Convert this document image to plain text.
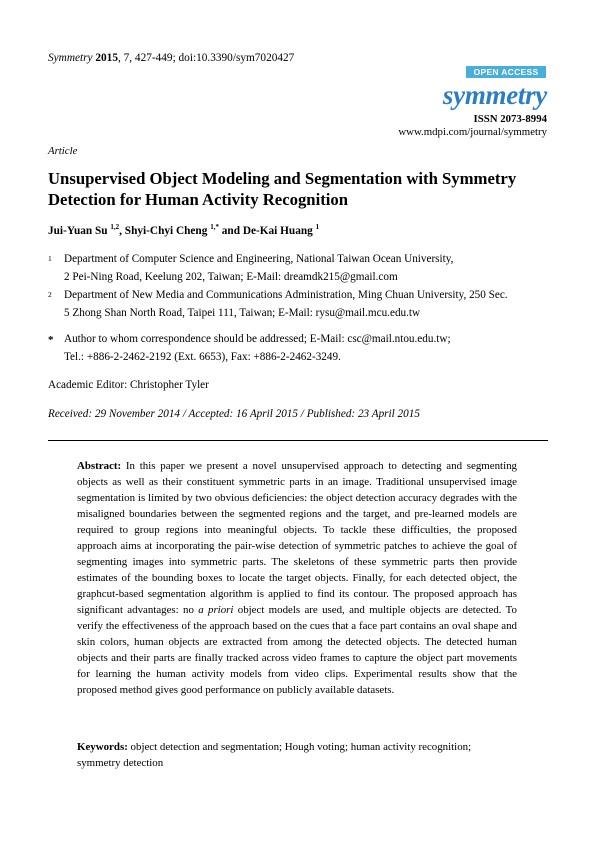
Symmetry 2015, 7, 427-449; doi:10.3390/sym7020427
OPEN ACCESS
symmetry
ISSN 2073-8994
www.mdpi.com/journal/symmetry
Article
Unsupervised Object Modeling and Segmentation with Symmetry Detection for Human Activity Recognition
Jui-Yuan Su $^{1,2}$, Shyi-Chyi Cheng $^{1,*}$ and De-Kai Huang $^1$
1 Department of Computer Science and Engineering, National Taiwan Ocean University,
2 Pei-Ning Road, Keelung 202, Taiwan; E-Mail: dreamdk215@gmail.com
2 Department of New Media and Communications Administration, Ming Chuan University, 250 Sec.
5 Zhong Shan North Road, Taipei 111, Taiwan; E-Mail: rysu@mail.mcu.edu.tw
* Author to whom correspondence should be addressed; E-Mail: csc@mail.ntou.edu.tw;
Tel.: +886-2-2462-2192 (Ext. 6653), Fax: +886-2-2462-3249.
Academic Editor: Christopher Tyler
Received: 29 November 2014 / Accepted: 16 April 2015 / Published: 23 April 2015
Abstract: In this paper we present a novel unsupervised approach to detecting and segmenting objects as well as their constituent symmetric parts in an image. Traditional unsupervised image segmentation is limited by two obvious deficiencies: the object detection accuracy degrades with the misaligned boundaries between the segmented regions and the target, and pre-learned models are required to group regions into meaningful objects. To tackle these difficulties, the proposed approach aims at incorporating the pair-wise detection of symmetric patches to achieve the goal of segmenting images into symmetric parts. The skeletons of these symmetric parts then provide estimates of the bounding boxes to locate the target objects. Finally, for each detected object, the graphcut-based segmentation algorithm is applied to find its contour. The proposed approach has significant advantages: no a priori object models are used, and multiple objects are detected. To verify the effectiveness of the approach based on the cues that a face part contains an oval shape and skin colors, human objects are extracted from among the detected objects. The detected human objects and their parts are finally tracked across video frames to capture the object part movements for learning the human activity models from video clips. Experimental results show that the proposed method gives good performance on publicly available datasets.
Keywords: object detection and segmentation; Hough voting; human activity recognition; symmetry detection
